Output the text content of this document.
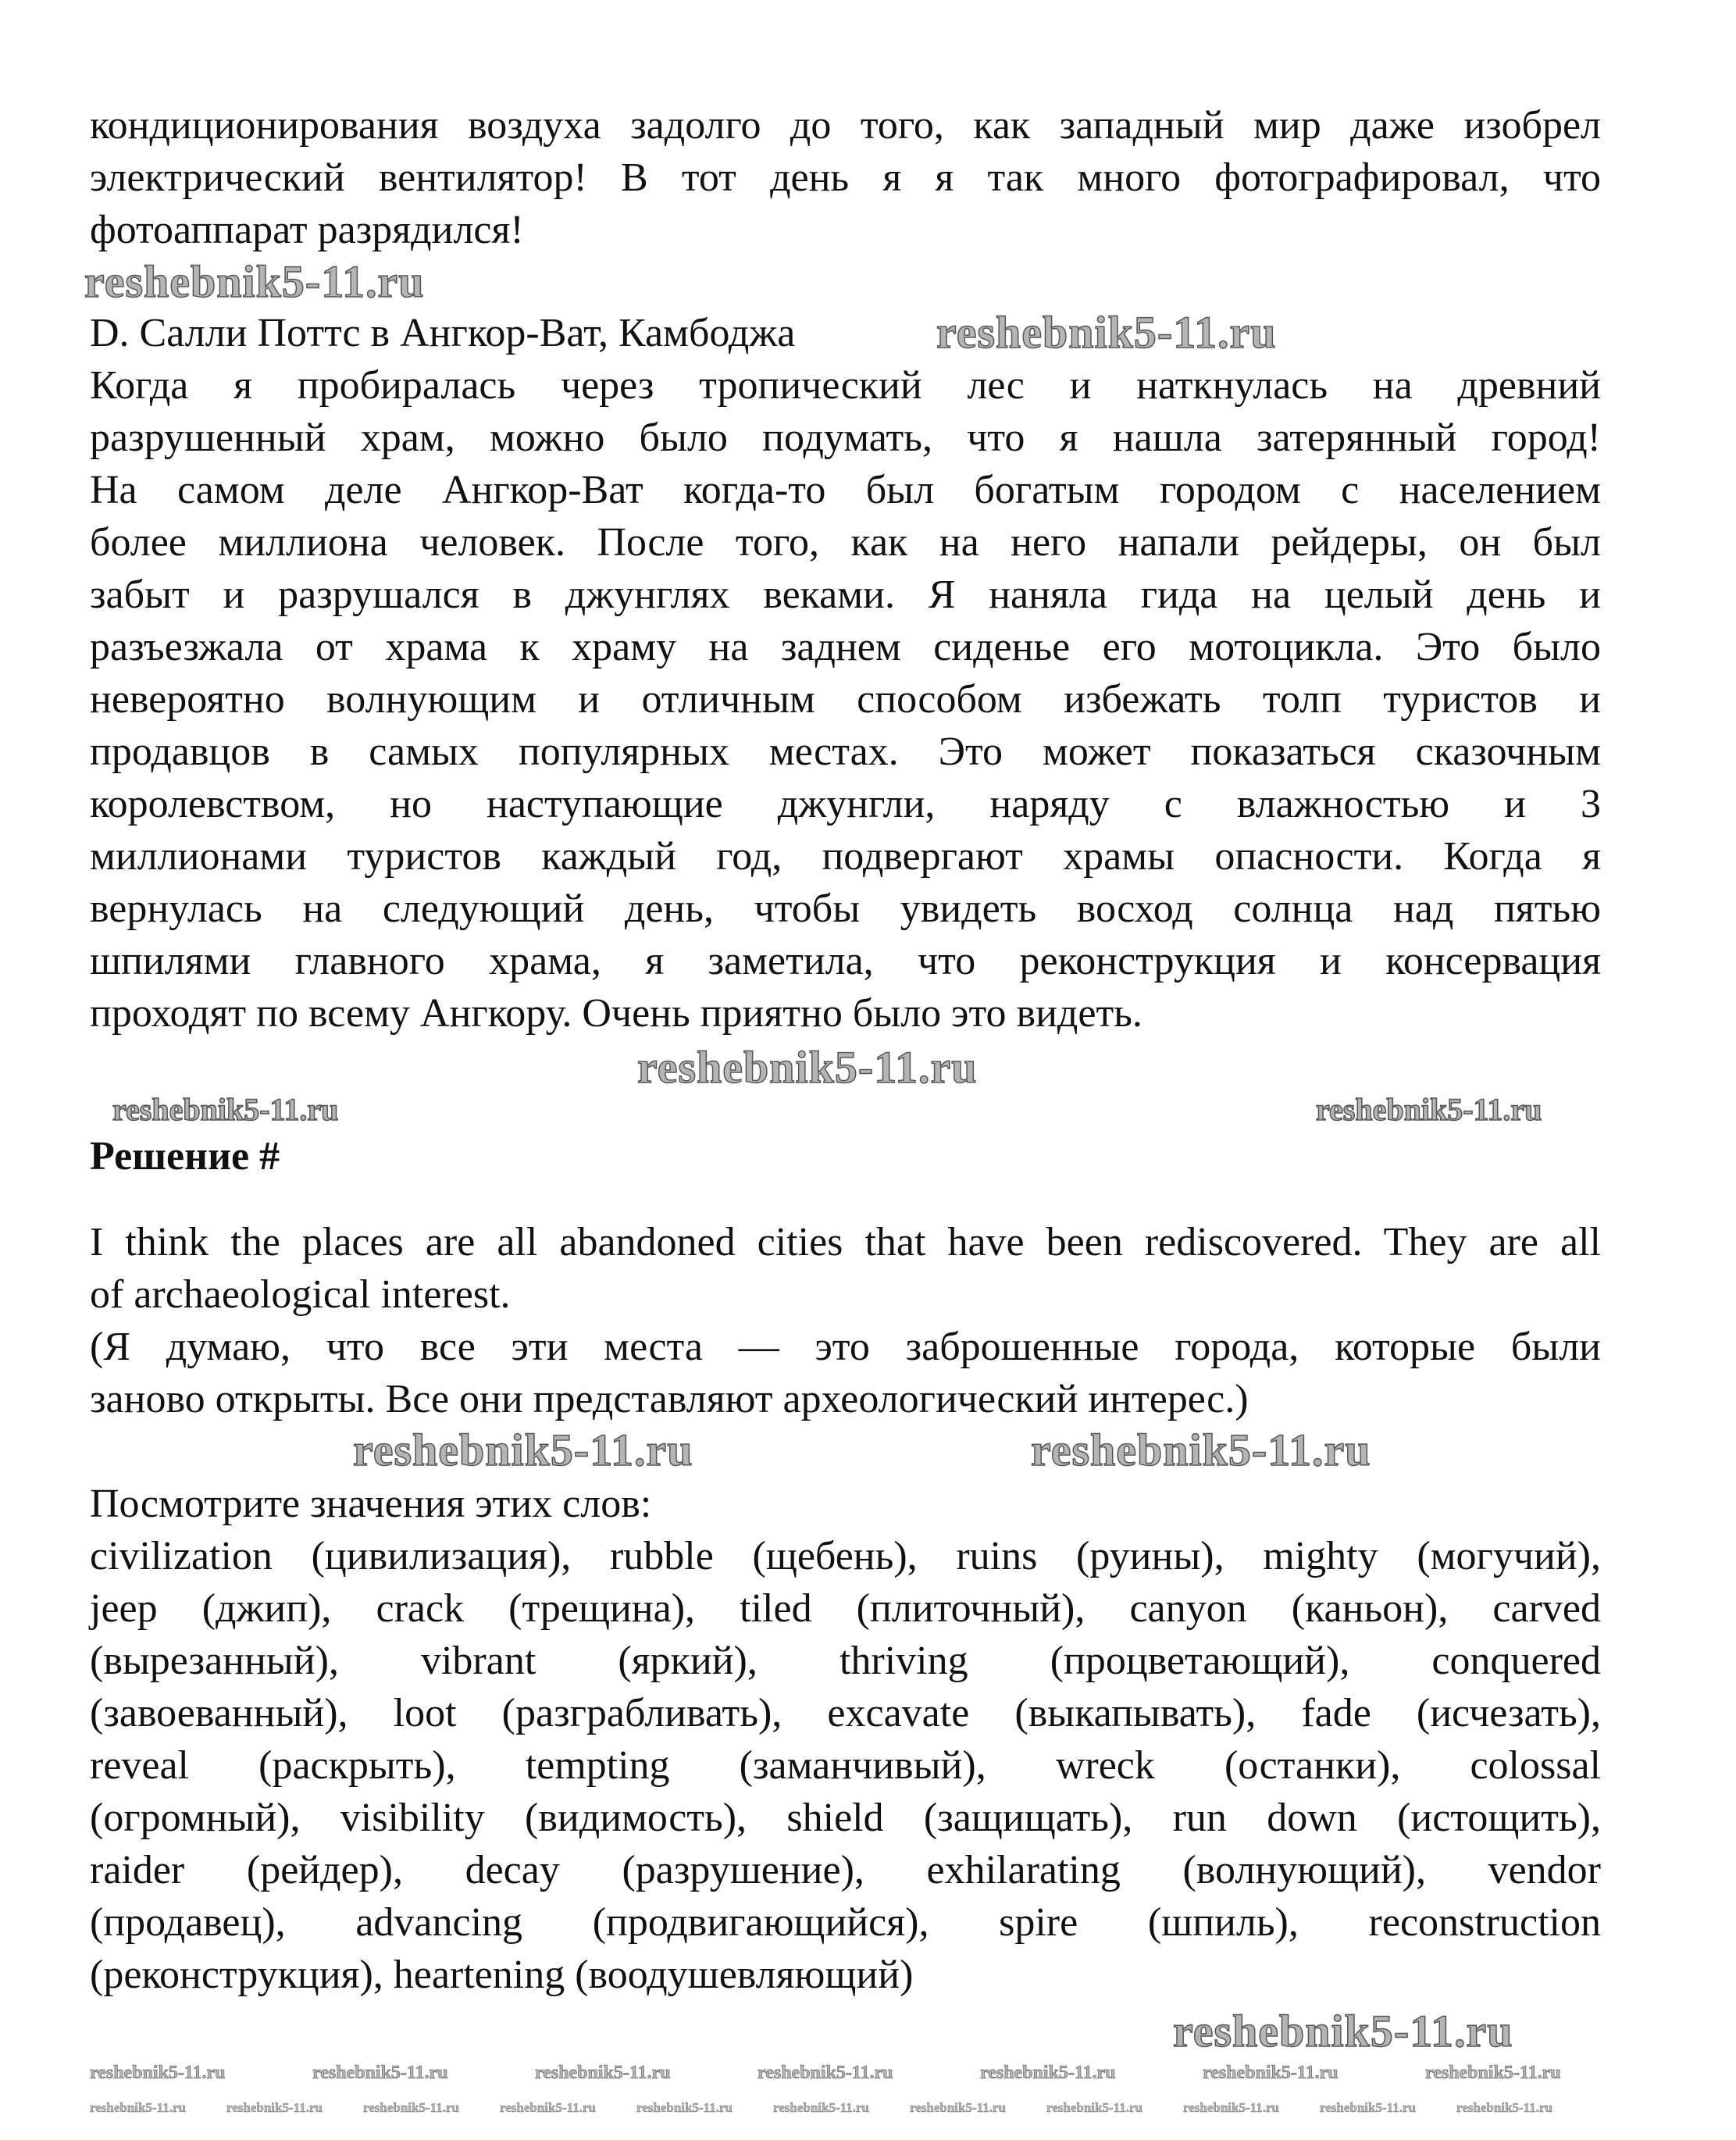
кондиционирования воздуха задолго до того, как западный мир даже изобрел
электрический вентилятор! В тот день я я так много фотографировал, что
фотоаппарат разрядился!
D. Салли Поттс в Ангкор-Ват, Камбоджа
Когда я пробиралась через тропический лес и наткнулась на древний
разрушенный храм, можно было подумать, что я нашла затерянный город!
На самом деле Ангкор-Ват когда-то был богатым городом с населением
более миллиона человек. После того, как на него напали рейдеры, он был
забыт и разрушался в джунглях веками. Я наняла гида на целый день и
разъезжала от храма к храму на заднем сиденье его мотоцикла. Это было
невероятно волнующим и отличным способом избежать толп туристов и
продавцов в самых популярных местах. Это может показаться сказочным
королевством, но наступающие джунгли, наряду с влажностью и 3
миллионами туристов каждый год, подвергают храмы опасности. Когда я
вернулась на следующий день, чтобы увидеть восход солнца над пятью
шпилями главного храма, я заметила, что реконструкция и консервация
проходят по всему Ангкору. Очень приятно было это видеть.
Решение #
I think the places are all abandoned cities that have been rediscovered. They are all
of archaeological interest.
(Я думаю, что все эти места — это заброшенные города, которые были
заново открыты. Все они представляют археологический интерес.)
Посмотрите значения этих слов:
civilization (цивилизация), rubble (щебень), ruins (руины), mighty (могучий),
jeep (джип), crack (трещина), tiled (плиточный), canyon (каньон), carved
(вырезанный), vibrant (яркий), thriving (процветающий), conquered
(завоеванный), loot (разграбливать), excavate (выкапывать), fade (исчезать),
reveal (раскрыть), tempting (заманчивый), wreck (останки), colossal
(огромный), visibility (видимость), shield (защищать), run down (истощить),
raider (рейдер), decay (разрушение), exhilarating (волнующий), vendor
(продавец), advancing (продвигающийся), spire (шпиль), reconstruction
(реконструкция), heartening (воодушевляющий)
reshebnik5-11.ru
reshebnik5-11.ru
reshebnik5-11.ru
reshebnik5-11.ru	reshebnik5-11.ru
reshebnik5-11.ru	reshebnik5-11.ru
reshebnik5-11.ru
reshebnik5-11.ru	reshebnik5-11.ru	reshebnik5-11.ru	reshebnik5-11.ru	reshebnik5-11.ru	reshebnik5-11.ru	reshebnik5-11.ru
reshebnik5-11.ru	reshebnik5-11.ru	reshebnik5-11.ru	reshebnik5-11.ru	reshebnik5-11.ru	reshebnik5-11.ru	reshebnik5-11.ru	reshebnik5-11.ru	reshebnik5-11.ru	reshebnik5-11.ru	reshebnik5-11.ru
